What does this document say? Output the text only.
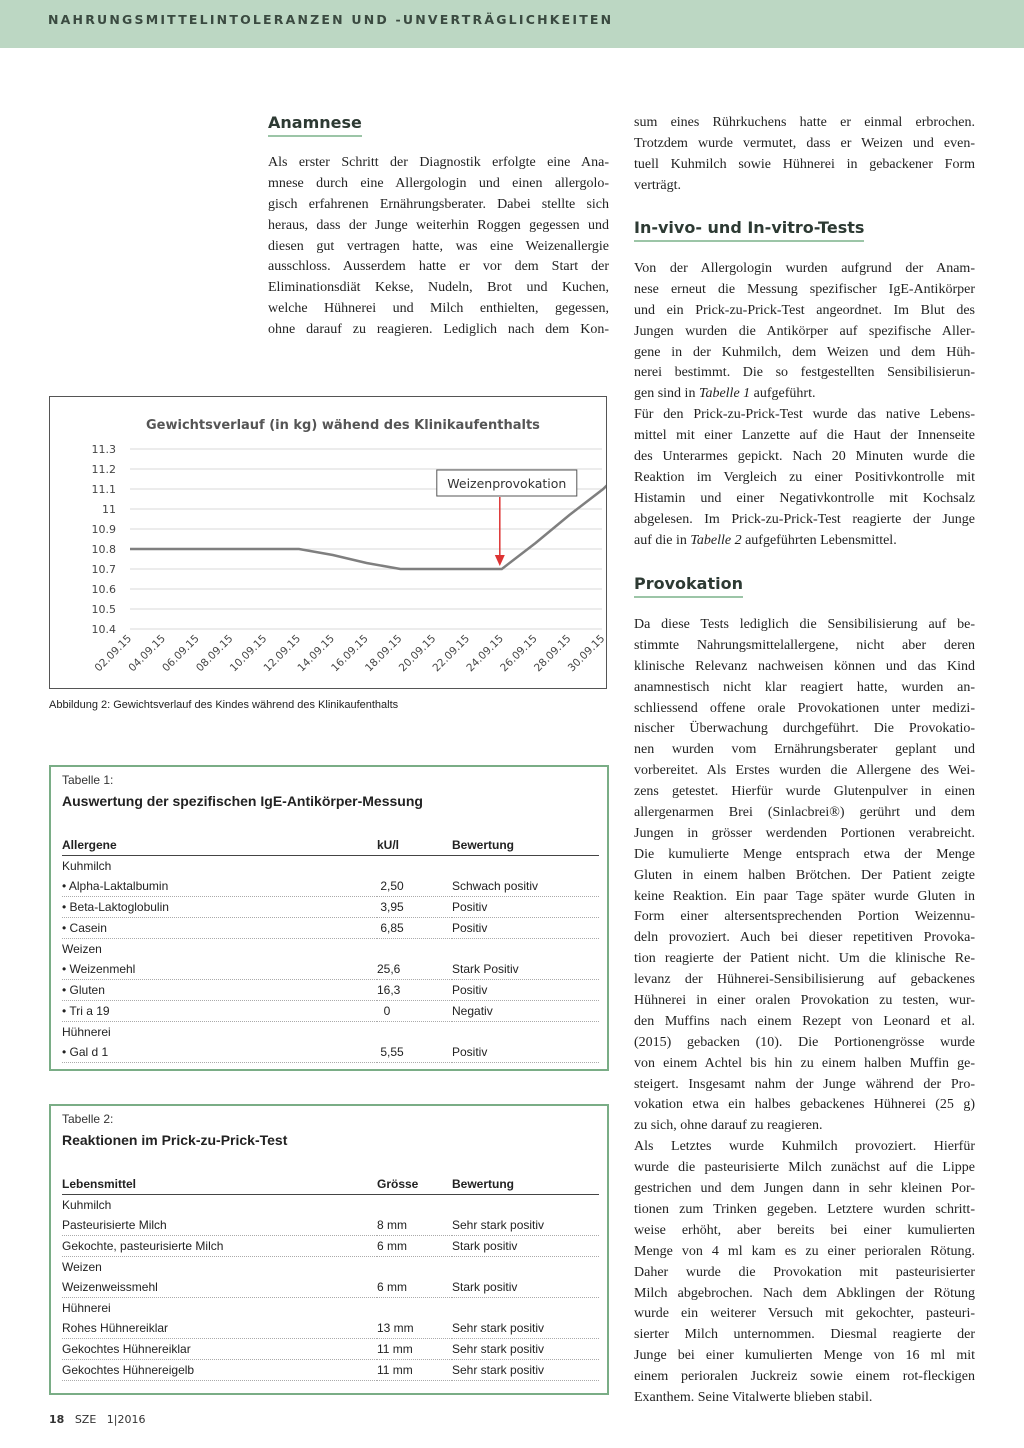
NAHRUNGSMITTELINTOLERANZEN UND -UNVERTRÄGLICHKEITEN
Anamnese
Als erster Schritt der Diagnostik erfolgte eine Ana-
mnese durch eine Allergologin und einen allergolo-
gisch erfahrenen Ernährungsberater. Dabei stellte sich
heraus, dass der Junge weiterhin Roggen gegessen und
diesen gut vertragen hatte, was eine Weizenallergie
ausschloss. Ausserdem hatte er vor dem Start der
Eliminationsdiät Kekse, Nudeln, Brot und Kuchen,
welche Hühnerei und Milch enthielten, gegessen,
ohne darauf zu reagieren. Lediglich nach dem Kon-
Gewichtsverlauf (in kg) wähend des Klinikaufenthalts
11.3
11.2
11.1
11
10.9
10.8
10.7
10.6
10.5
10.4
02.09.15
04.09.15
06.09.15
08.09.15
10.09.15
12.09.15
14.09.15
16.09.15
18.09.15
20.09.15
22.09.15
24.09.15
26.09.15
28.09.15
30.09.15
Weizenprovokation
Abbildung 2: Gewichtsverlauf des Kindes während des Klinikaufenthalts
Tabelle 1:
Auswertung der spezifischen IgE-Antikörper-Messung
Allergene	kU/l	Bewertung
Kuhmilch		
• Alpha-Laktalbumin	2,50	Schwach positiv
• Beta-Laktoglobulin	3,95	Positiv
• Casein	6,85	Positiv
Weizen		
• Weizenmehl	25,6	Stark Positiv
• Gluten	16,3	Positiv
• Tri a 19	0	Negativ
Hühnerei		
• Gal d 1	5,55	Positiv
Tabelle 2:
Reaktionen im Prick-zu-Prick-Test
Lebensmittel	Grösse	Bewertung
Kuhmilch		
Pasteurisierte Milch	8 mm	Sehr stark positiv
Gekochte, pasteurisierte Milch	6 mm	Stark positiv
Weizen		
Weizenweissmehl	6 mm	Stark positiv
Hühnerei		
Rohes Hühnereiklar	13 mm	Sehr stark positiv
Gekochtes Hühnereiklar	11 mm	Sehr stark positiv
Gekochtes Hühnereigelb	11 mm	Sehr stark positiv
sum eines Rührkuchens hatte er einmal erbrochen.
Trotzdem wurde vermutet, dass er Weizen und even-
tuell Kuhmilch sowie Hühnerei in gebackener Form
verträgt.
In-vivo- und In-vitro-Tests
Von der Allergologin wurden aufgrund der Anam-
nese erneut die Messung spezifischer IgE-Antikörper
und ein Prick-zu-Prick-Test angeordnet. Im Blut des
Jungen wurden die Antikörper auf spezifische Aller-
gene in der Kuhmilch, dem Weizen und dem Hüh-
nerei bestimmt. Die so festgestellten Sensibilisierun-
gen sind in Tabelle 1 aufgeführt.
Für den Prick-zu-Prick-Test wurde das native Lebens-
mittel mit einer Lanzette auf die Haut der Innenseite
des Unterarmes gepickt. Nach 20 Minuten wurde die
Reaktion im Vergleich zu einer Positivkontrolle mit
Histamin und einer Negativkontrolle mit Kochsalz
abgelesen. Im Prick-zu-Prick-Test reagierte der Junge
auf die in Tabelle 2 aufgeführten Lebensmittel.
Provokation
Da diese Tests lediglich die Sensibilisierung auf be-
stimmte Nahrungsmittelallergene, nicht aber deren
klinische Relevanz nachweisen können und das Kind
anamnestisch nicht klar reagiert hatte, wurden an-
schliessend offene orale Provokationen unter medizi-
nischer Überwachung durchgeführt. Die Provokatio-
nen wurden vom Ernährungsberater geplant und
vorbereitet. Als Erstes wurden die Allergene des Wei-
zens getestet. Hierfür wurde Glutenpulver in einen
allergenarmen Brei (Sinlacbrei®) gerührt und dem
Jungen in grösser werdenden Portionen verabreicht.
Die kumulierte Menge entsprach etwa der Menge
Gluten in einem halben Brötchen. Der Patient zeigte
keine Reaktion. Ein paar Tage später wurde Gluten in
Form einer altersentsprechenden Portion Weizennu-
deln provoziert. Auch bei dieser repetitiven Provoka-
tion reagierte der Patient nicht. Um die klinische Re-
levanz der Hühnerei-Sensibilisierung auf gebackenes
Hühnerei in einer oralen Provokation zu testen, wur-
den Muffins nach einem Rezept von Leonard et al.
(2015) gebacken (10). Die Portionengrösse wurde
von einem Achtel bis hin zu einem halben Muffin ge-
steigert. Insgesamt nahm der Junge während der Pro-
vokation etwa ein halbes gebackenes Hühnerei (25 g)
zu sich, ohne darauf zu reagieren.
Als Letztes wurde Kuhmilch provoziert. Hierfür
wurde die pasteurisierte Milch zunächst auf die Lippe
gestrichen und dem Jungen dann in sehr kleinen Por-
tionen zum Trinken gegeben. Letztere wurden schritt-
weise erhöht, aber bereits bei einer kumulierten
Menge von 4 ml kam es zu einer perioralen Rötung.
Daher wurde die Provokation mit pasteurisierter
Milch abgebrochen. Nach dem Abklingen der Rötung
wurde ein weiterer Versuch mit gekochter, pasteuri-
sierter Milch unternommen. Diesmal reagierte der
Junge bei einer kumulierten Menge von 16 ml mit
einem perioralen Juckreiz sowie einem rot-fleckigen
Exanthem. Seine Vitalwerte blieben stabil.
18 SZE 1|2016
